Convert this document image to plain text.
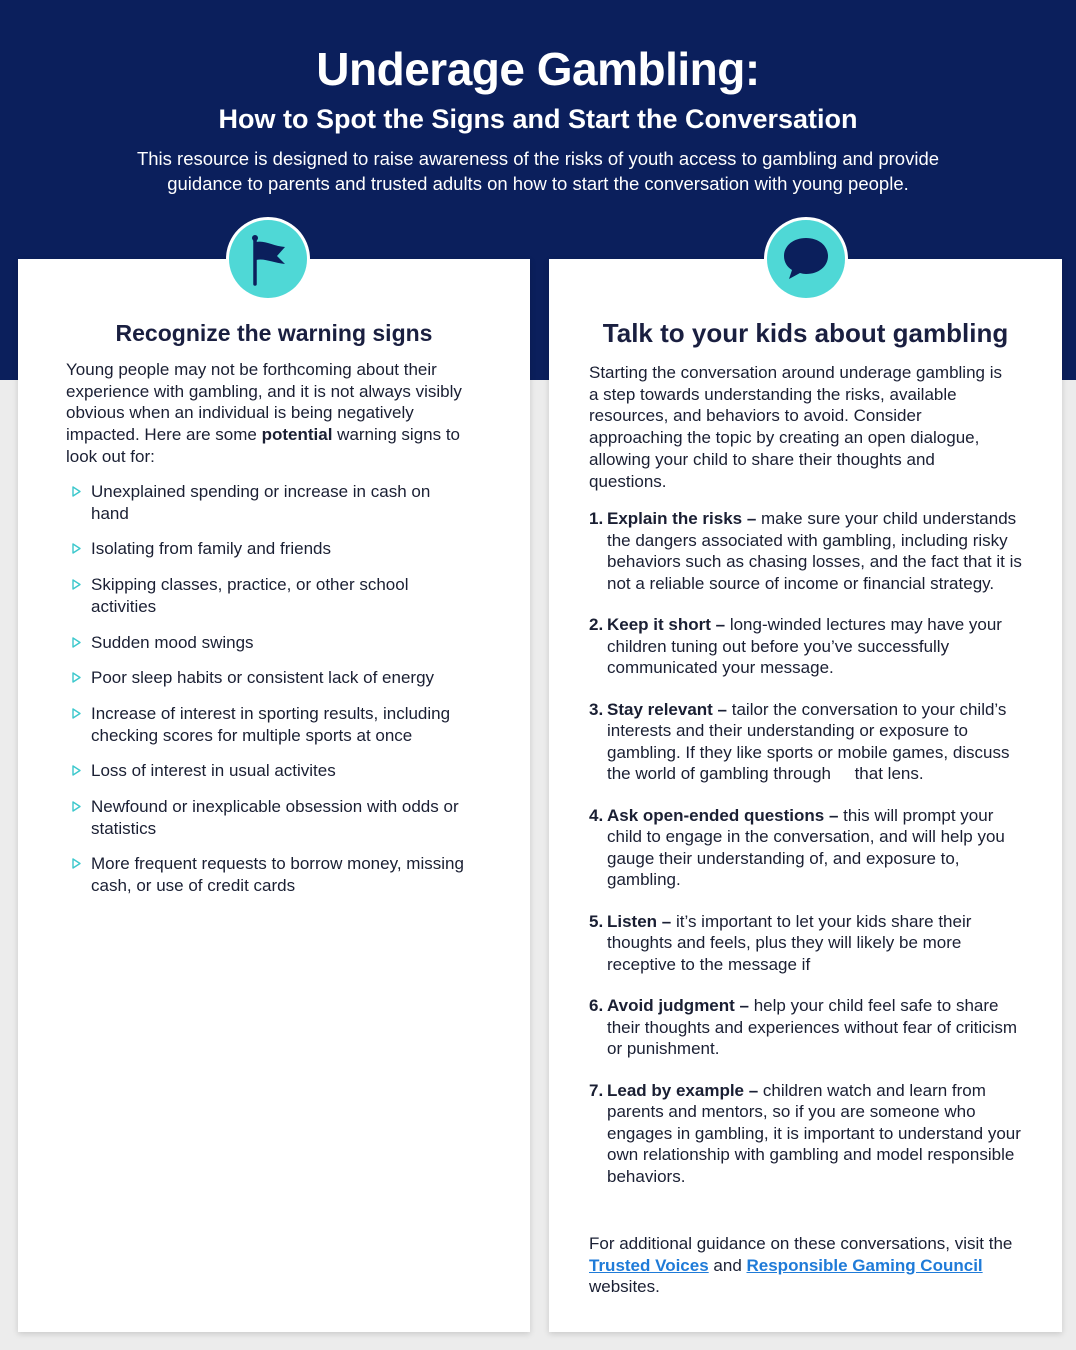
Underage Gambling:
How to Spot the Signs and Start the Conversation

This resource is designed to raise awareness of the risks of youth access to gambling and provide guidance to parents and trusted adults on how to start the conversation with young people.

Recognize the warning signs	Talk to your kids about gambling

Young people may not be forthcoming about their experience with gambling, and it is not always visibly obvious when an individual is being negatively impacted. Here are some potential warning signs to look out for:

Unexplained spending or increase in cash on hand
Isolating from family and friends
Skipping classes, practice, or other school activities
Sudden mood swings
Poor sleep habits or consistent lack of energy
Increase of interest in sporting results, including checking scores for multiple sports at once
Loss of interest in usual activites
Newfound or inexplicable obsession with odds or statistics
More frequent requests to borrow money, missing cash, or use of credit cards

Starting the conversation around underage gambling is a step towards understanding the risks, available resources, and behaviors to avoid. Consider approaching the topic by creating an open dialogue, allowing your child to share their thoughts and questions.

1. Explain the risks – make sure your child understands the dangers associated with gambling, including risky behaviors such as chasing losses, and the fact that it is not a reliable source of income or financial strategy.
2. Keep it short – long-winded lectures may have your children tuning out before you’ve successfully communicated your message.
3. Stay relevant – tailor the conversation to your child’s interests and their understanding or exposure to gambling. If they like sports or mobile games, discuss the world of gambling through     that lens.
4. Ask open-ended questions – this will prompt your child to engage in the conversation, and will help you gauge their understanding of, and exposure to, gambling.
5. Listen – it’s important to let your kids share their thoughts and feels, plus they will likely be more receptive to the message if
6. Avoid judgment – help your child feel safe to share their thoughts and experiences without fear of criticism or punishment.
7. Lead by example – children watch and learn from parents and mentors, so if you are someone who engages in gambling, it is important to understand your own relationship with gambling and model responsible behaviors.

For additional guidance on these conversations, visit the Trusted Voices and Responsible Gaming Council websites.
